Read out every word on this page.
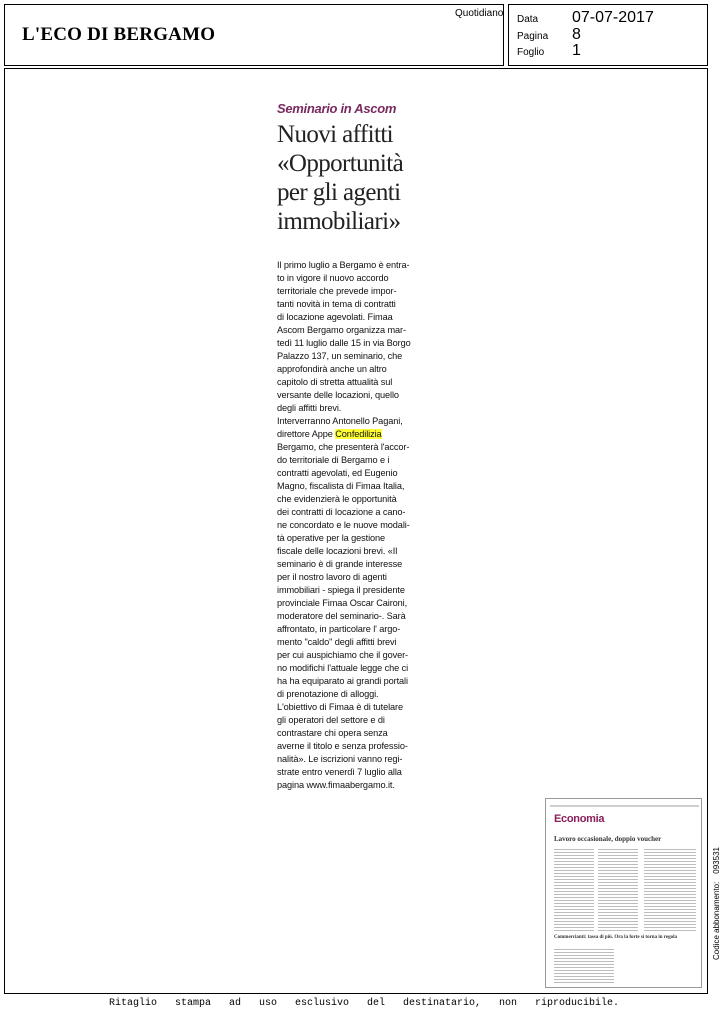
L'ECO DI BERGAMO
Quotidiano
Data 07-07-2017
Pagina 8
Foglio 1
Seminario in Ascom
Nuovi affitti
«Opportunità
per gli agenti
immobiliari»
Il primo luglio a Bergamo è entra-
to in vigore il nuovo accordo
territoriale che prevede impor-
tanti novità in tema di contratti
di locazione agevolati. Fimaa
Ascom Bergamo organizza mar-
tedì 11 luglio dalle 15 in via Borgo
Palazzo 137, un seminario, che
approfondirà anche un altro
capitolo di stretta attualità sul
versante delle locazioni, quello
degli affitti brevi.
Interverranno Antonello Pagani,
direttore Appe Confedilizia
Bergamo, che presenterà l'accor-
do territoriale di Bergamo e i
contratti agevolati, ed Eugenio
Magno, fiscalista di Fimaa Italia,
che evidenzierà le opportunità
dei contratti di locazione a cano-
ne concordato e le nuove modali-
tà operative per la gestione
fiscale delle locazioni brevi. «Il
seminario è di grande interesse
per il nostro lavoro di agenti
immobiliari - spiega il presidente
provinciale Fimaa Oscar Caironi,
moderatore del seminario-. Sarà
affrontato, in particolare l' argo-
mento "caldo" degli affitti brevi
per cui auspichiamo che il gover-
no modifichi l'attuale legge che ci
ha ha equiparato ai grandi portali
di prenotazione di alloggi.
L'obiettivo di Fimaa è di tutelare
gli operatori del settore e di
contrastare chi opera senza
averne il titolo e senza professio-
nalità». Le iscrizioni vanno regi-
strate entro venerdì 7 luglio alla
pagina www.fimaabergamo.it.
Economia
Lavoro occasionale, doppio voucher
Commercianti: tassa di più. Ora la forte si torna in regola	Codice abbonamento:093531
Ritaglio   stampa   ad   uso   esclusivo   del   destinatario,   non   riproducibile.
